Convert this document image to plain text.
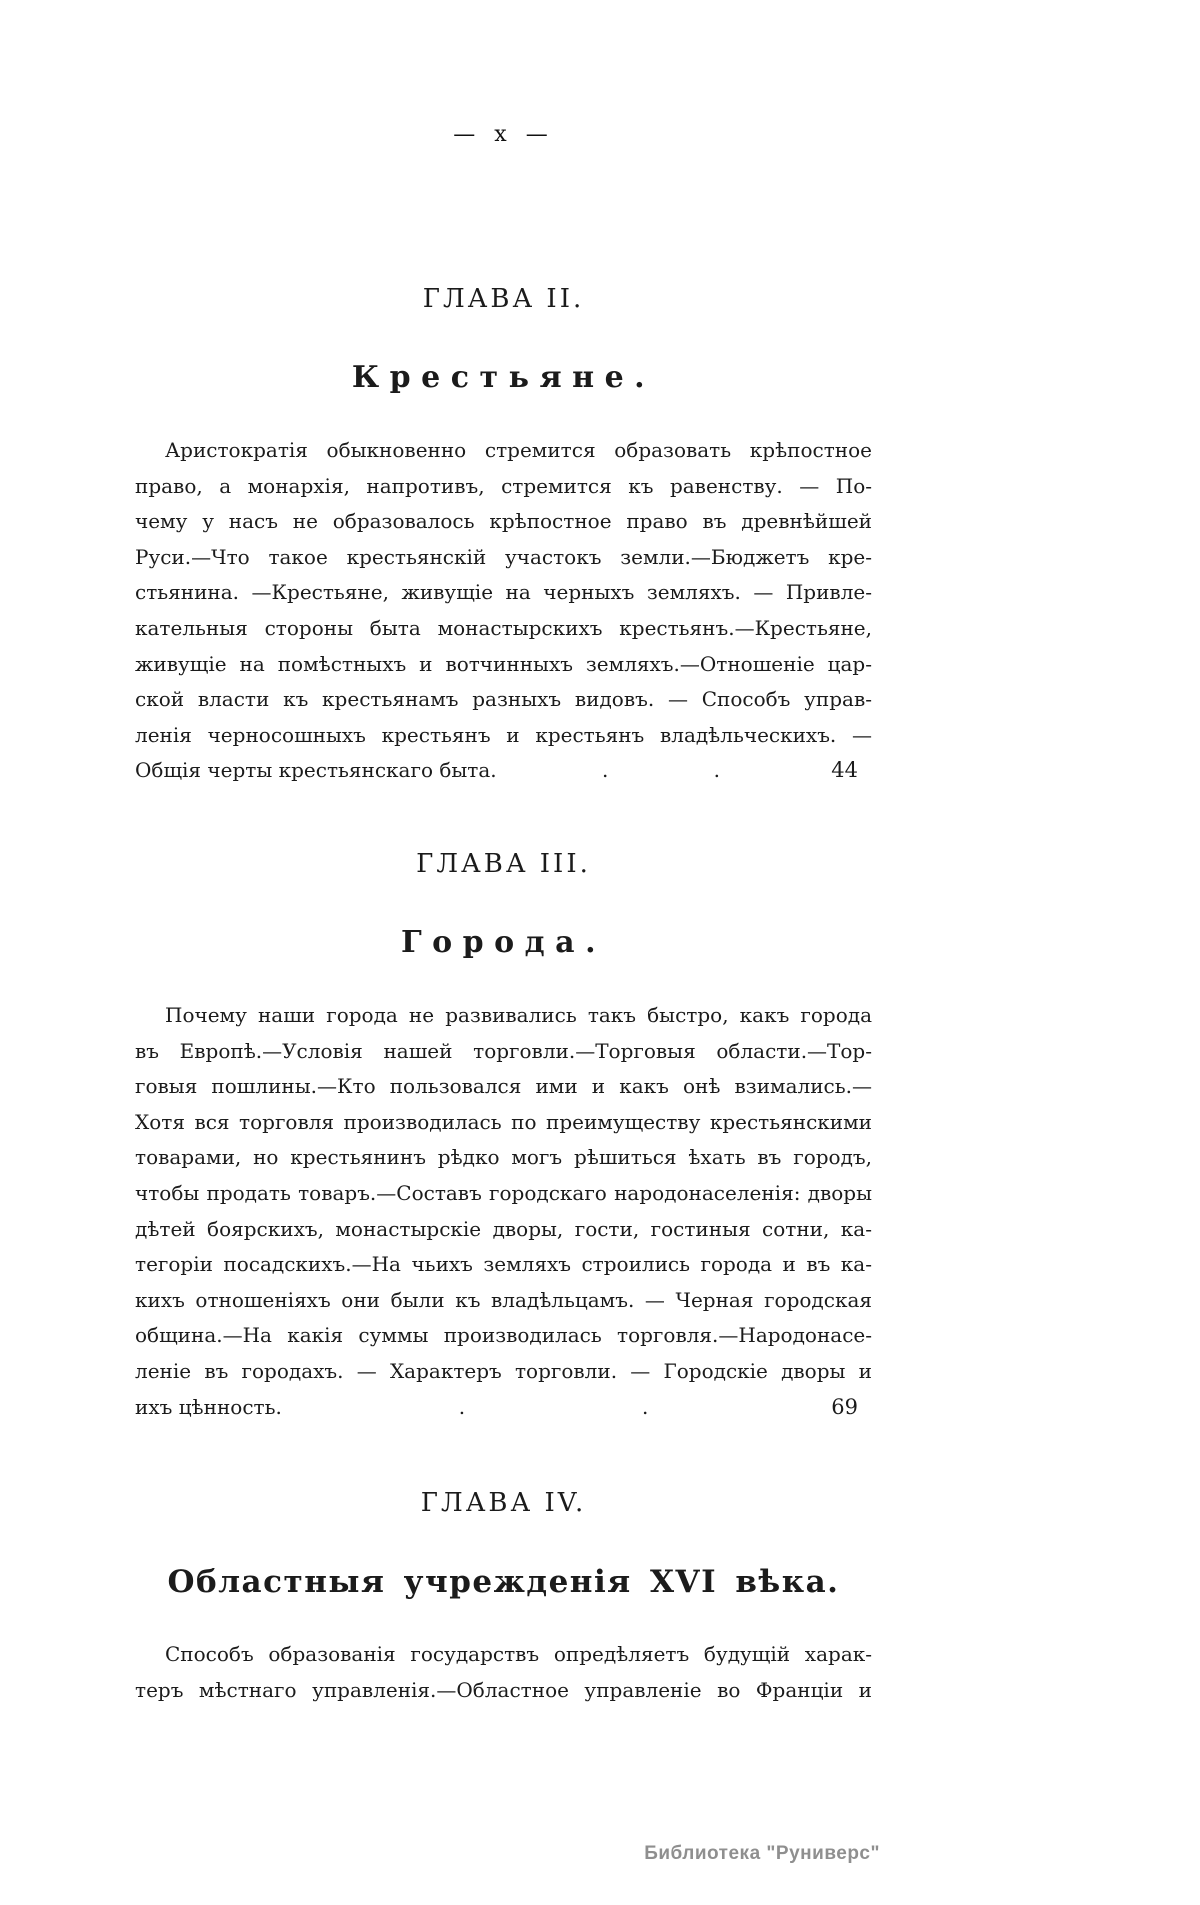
— x —
ГЛАВА II.
Крестьяне.
Аристократія обыкновенно стремится образовать крѣпостное
право, а монархія, напротивъ, стремится къ равенству. — По-
чему у насъ не образовалось крѣпостное право въ древнѣйшей
Руси.—Что такое крестьянскій участокъ земли.—Бюджетъ кре-
стьянина. —Крестьяне, живущіе на черныхъ земляхъ. — Привле-
кательныя стороны быта монастырскихъ крестьянъ.—Крестьяне,
живущіе на помѣстныхъ и вотчинныхъ земляхъ.—Отношеніе цар-
ской власти къ крестьянамъ разныхъ видовъ. — Способъ управ-
ленія черносошныхъ крестьянъ и крестьянъ владѣльческихъ. —
Общія черты крестьянскаго быта .	.	.	44
ГЛАВА III.
Города.
Почему наши города не развивались такъ быстро, какъ города
въ Европѣ.—Условія нашей торговли.—Торговыя области.—Тор-
говыя пошлины.—Кто пользовался ими и какъ онѣ взимались.—
Хотя вся торговля производилась по преимуществу крестьянскими
товарами, но крестьянинъ рѣдко могъ рѣшиться ѣхать въ городъ,
чтобы продать товаръ.—Составъ городскаго народонаселенія: дворы
дѣтей боярскихъ, монастырскіе дворы, гости, гостиныя сотни, ка-
тегоріи посадскихъ.—На чьихъ земляхъ строились города и въ ка-
кихъ отношеніяхъ они были къ владѣльцамъ. — Черная городская
община.—На какія суммы производилась торговля.—Народонасе-
леніе въ городахъ. — Характеръ торговли. — Городскіе дворы и
ихъ цѣнность .	.	.	69
ГЛАВА IV.
Областныя учрежденія XVI вѣка.
Способъ образованія государствъ опредѣляетъ будущій харак-
теръ мѣстнаго управленія.—Областное управленіе во Франціи и
Библиотека "Руниверс"
